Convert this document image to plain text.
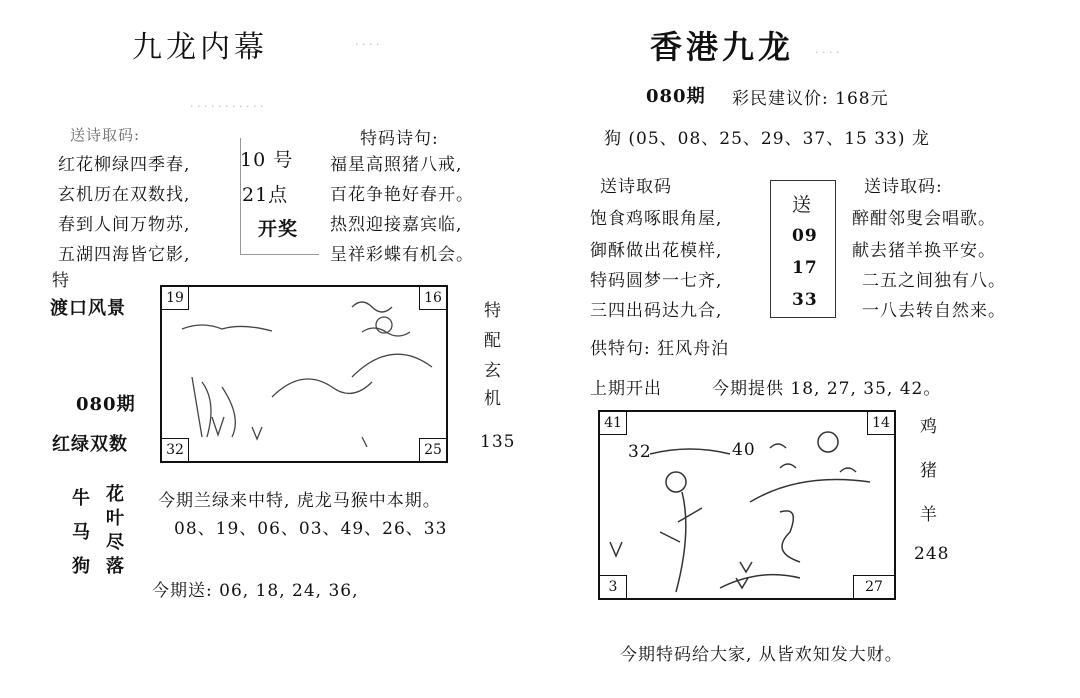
九龙内幕	· · · ·
· · · · · · · · · · ·
送诗取码:
红花柳绿四季春,
玄机历在双数找,
春到人间万物苏,
五湖四海皆它影,
10 号
21点
开奖
特码诗句:
福星高照猪八戒,
百花争艳好春开。
热烈迎接嘉宾临,
呈祥彩蝶有机会。
特
渡口风景
080期
红绿双数
19	16
32	25
特
配
玄
机
135
牛
马
狗
花
叶
尽
落
今期兰绿来中特, 虎龙马猴中本期。
08、19、06、03、49、26、33
今期送: 06, 18, 24, 36,
香港九龙 · · · ·
080期 彩民建议价: 168元
狗 (05、08、25、29、37、15 33) 龙
送诗取码	送诗取码:
饱食鸡啄眼角屋,
御酥做出花模样,
特码圆梦一七齐,
三四出码达九合,
送
09
17
33
醉酣邻叟会唱歌。
献去猪羊换平安。
二五之间独有八。
一八去转自然来。
供特句: 狂风舟泊
上期开出	今期提供 18, 27, 35, 42。
32	40
41	14
3	27
鸡
猪
羊
248
今期特码给大家, 从皆欢知发大财。
